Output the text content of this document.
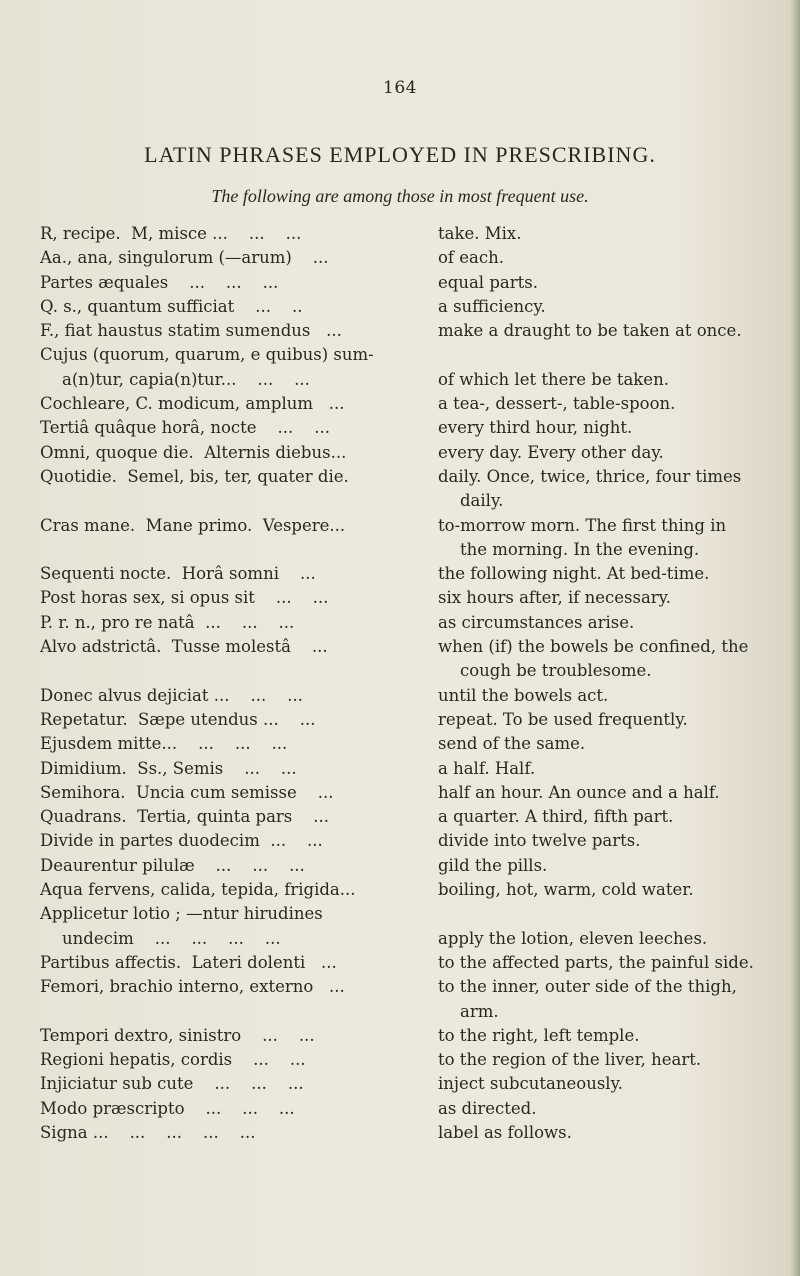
164
LATIN PHRASES EMPLOYED IN PRESCRIBING.
The following are among those in most frequent use.
R, recipe.  M, misce ...    ...    ...	take. Mix.
Aa., ana, singulorum (—arum)    ...	of each.
Partes æquales    ...    ...    ...	equal parts.
Q. s., quantum sufficiat    ...    ..	a sufficiency.
F., fiat haustus statim sumendus   ...	make a draught to be taken at once.
Cujus (quorum, quarum, e quibus) sum-
a(n)tur, capia(n)tur...    ...    ...	of which let there be taken.
Cochleare, C. modicum, amplum   ...	a tea-, dessert-, table-spoon.
Tertiâ quâque horâ, nocte    ...    ...	every third hour, night.
Omni, quoque die.  Alternis diebus...	every day. Every other day.
Quotidie.  Semel, bis, ter, quater die.	daily. Once, twice, thrice, four times
daily.
Cras mane.  Mane primo.  Vespere...	to-morrow morn. The first thing in
the morning. In the evening.
Sequenti nocte.  Horâ somni    ...	the following night. At bed-time.
Post horas sex, si opus sit    ...    ...	six hours after, if necessary.
P. r. n., pro re natâ  ...    ...    ...	as circumstances arise.
Alvo adstrictâ.  Tusse molestâ    ...	when (if) the bowels be confined, the
cough be troublesome.
Donec alvus dejiciat ...    ...    ...	until the bowels act.
Repetatur.  Sæpe utendus ...    ...	repeat. To be used frequently.
Ejusdem mitte...    ...    ...    ...	send of the same.
Dimidium.  Ss., Semis    ...    ...	a half. Half.
Semihora.  Uncia cum semisse    ...	half an hour. An ounce and a half.
Quadrans.  Tertia, quinta pars    ...	a quarter. A third, fifth part.
Divide in partes duodecim  ...    ...	divide into twelve parts.
Deaurentur pilulæ    ...    ...    ...	gild the pills.
Aqua fervens, calida, tepida, frigida...	boiling, hot, warm, cold water.
Applicetur lotio ; —ntur hirudines
undecim    ...    ...    ...    ...	apply the lotion, eleven leeches.
Partibus affectis.  Lateri dolenti   ...	to the affected parts, the painful side.
Femori, brachio interno, externo   ...	to the inner, outer side of the thigh,
arm.
Tempori dextro, sinistro    ...    ...	to the right, left temple.
Regioni hepatis, cordis    ...    ...	to the region of the liver, heart.
Injiciatur sub cute    ...    ...    ...	inject subcutaneously.
Modo præscripto    ...    ...    ...	as directed.
Signa ...    ...    ...    ...    ...	label as follows.
